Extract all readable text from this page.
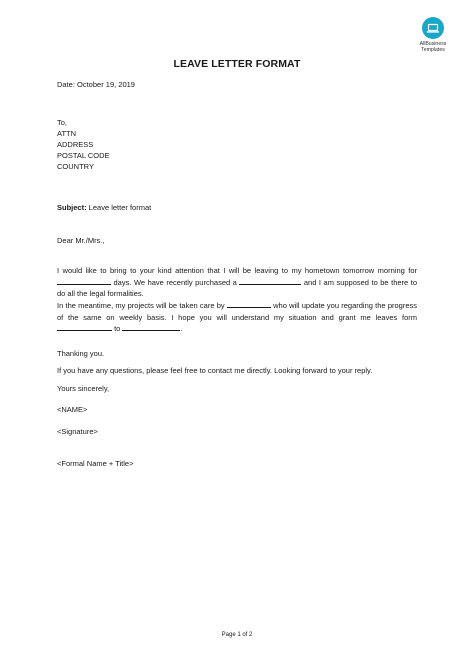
AllBusiness
Templates
LEAVE LETTER FORMAT
Date: October 19, 2019
To,
ATTN
ADDRESS
POSTAL CODE
COUNTRY
Subject: Leave letter format
Dear Mr./Mrs.,
I would like to bring to your kind attention that I will be leaving to my hometown tomorrow morning for  days. We have recently purchased a	and I am supposed to be there to do all the legal formalities.
In the meantime, my projects will be taken care by	who will update you regarding the progress of the same on weekly basis. I hope you will understand my situation and grant me leaves form  to	.
Thanking you.
If you have any questions, please feel free to contact me directly. Looking forward to your reply.
Yours sincerely,
<NAME>
<Signature>
<Formal Name + Title>
Page 1 of 2
